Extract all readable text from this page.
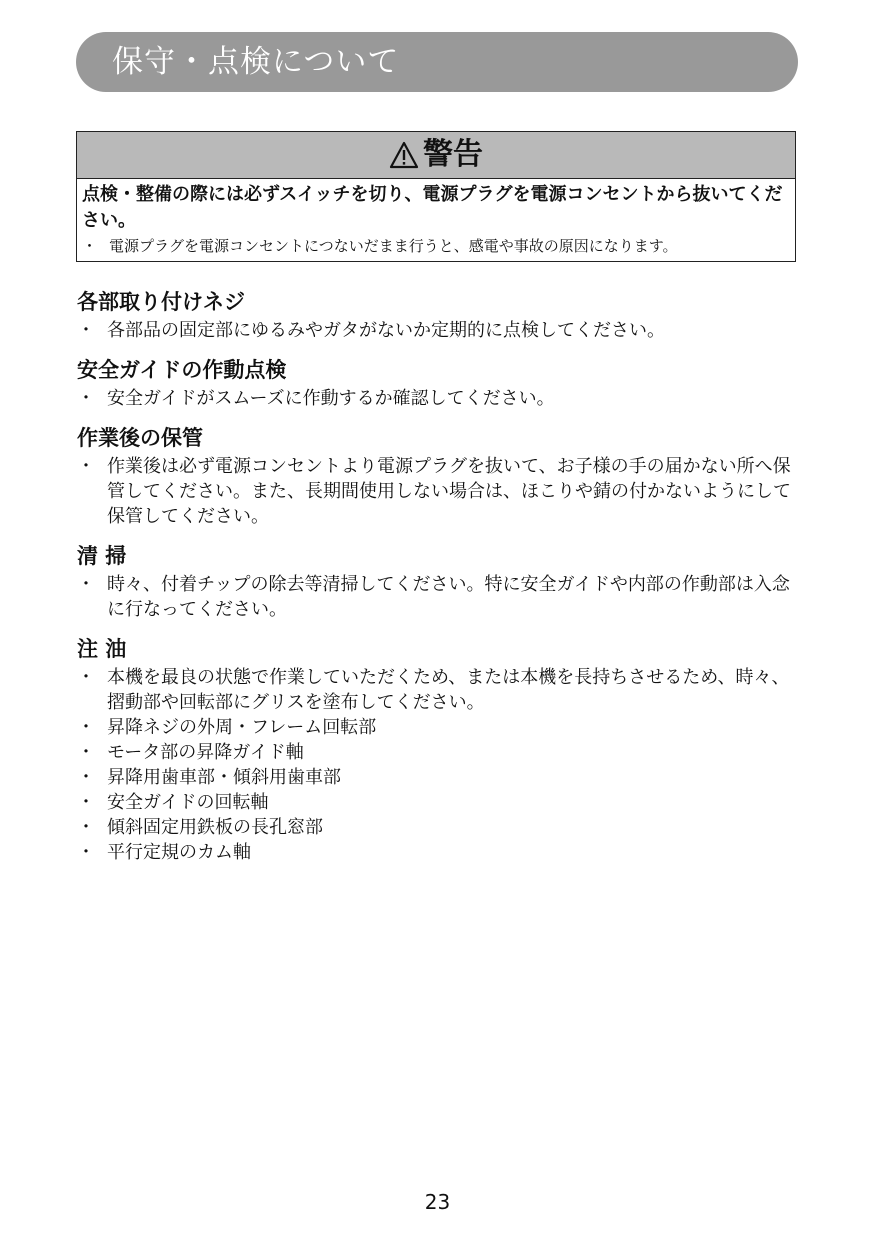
保守・点検について
警告
点検・整備の際には必ずスイッチを切り、電源プラグを電源コンセントから抜いてください。
・ 電源プラグを電源コンセントにつないだまま行うと、感電や事故の原因になります。
各部取り付けネジ
・ 各部品の固定部にゆるみやガタがないか定期的に点検してください。
安全ガイドの作動点検
・ 安全ガイドがスムーズに作動するか確認してください。
作業後の保管
・ 作業後は必ず電源コンセントより電源プラグを抜いて、お子様の手の届かない所へ保管してください。また、長期間使用しない場合は、ほこりや錆の付かないようにして保管してください。
清 掃
・ 時々、付着チップの除去等清掃してください。特に安全ガイドや内部の作動部は入念に行なってください。
注 油
・ 本機を最良の状態で作業していただくため、または本機を長持ちさせるため、時々、摺動部や回転部にグリスを塗布してください。
・ 昇降ネジの外周・フレーム回転部
・ モータ部の昇降ガイド軸
・ 昇降用歯車部・傾斜用歯車部
・ 安全ガイドの回転軸
・ 傾斜固定用鉄板の長孔窓部
・ 平行定規のカム軸
23
